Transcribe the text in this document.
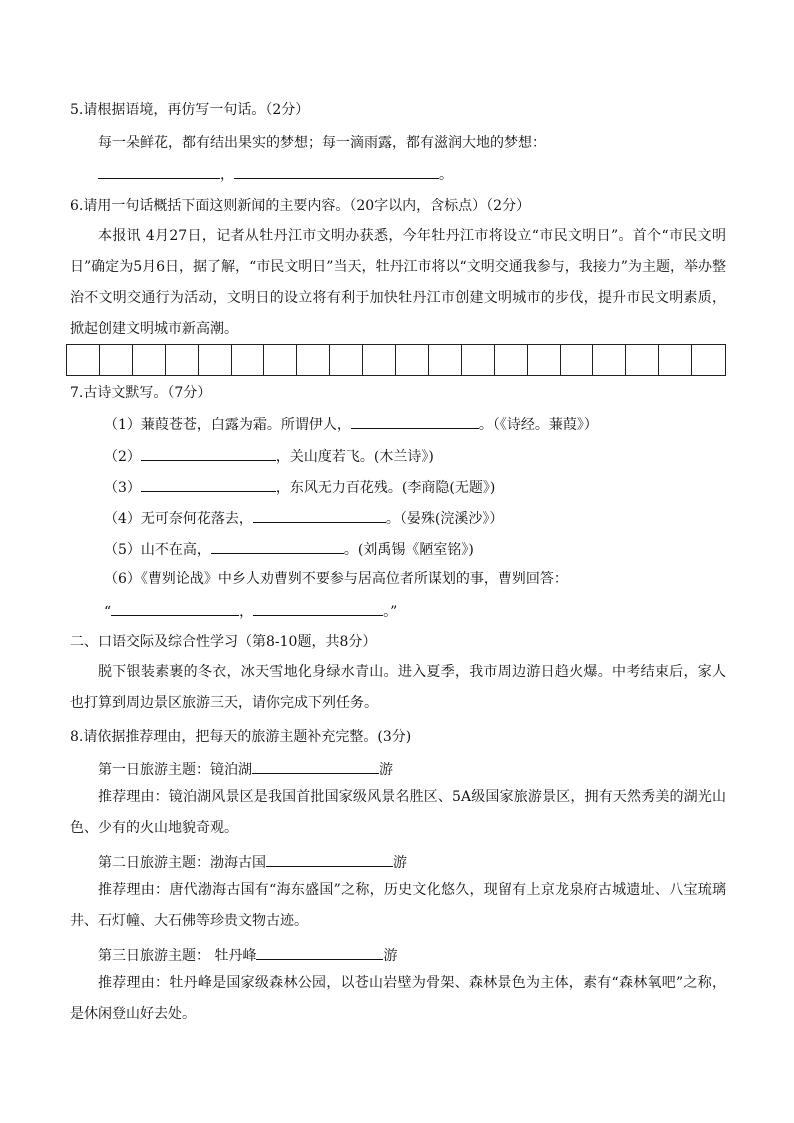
5.请根据语境，再仿写一句话。（2分）
每一朵鲜花，都有结出果实的梦想；每一滴雨露，都有滋润大地的梦想：
，	。
6.请用一句话概括下面这则新闻的主要内容。（20字以内，含标点）（2分）
本报讯 4月27日，记者从牡丹江市文明办获悉，今年牡丹江市将设立“市民文明日”。首个“市民文明日”确定为5月6日，据了解，“市民文明日”当天，牡丹江市将以“文明交通我参与，我接力”为主题，举办整治不文明交通行为活动，文明日的设立将有利于加快牡丹江市创建文明城市的步伐，提升市民文明素质，掀起创建文明城市新高潮。
7.古诗文默写。（7分）
（1）蒹葭苍苍，白露为霜。所谓伊人，	。（《诗经。蒹葭》）
（2）	，关山度若飞。(木兰诗》)
（3）	，东风无力百花残。(李商隐(无题》)
（4）无可奈何花落去，	。（晏殊(浣溪沙》）
（5）山不在高，	。(刘禹锡《陋室铭》)
（6）《曹刿论战》中乡人劝曹刿不要参与居高位者所谋划的事，曹刿回答：
“	，	。”
二、口语交际及综合性学习（第8-10题，共8分）
脱下银装素裹的冬衣，冰天雪地化身绿水青山。进入夏季，我市周边游日趋火爆。中考结束后，家人也打算到周边景区旅游三天，请你完成下列任务。
8.请依据推荐理由，把每天的旅游主题补充完整。(3分)
第一日旅游主题：镜泊湖	游
推荐理由：镜泊湖风景区是我国首批国家级风景名胜区、5A级国家旅游景区，拥有天然秀美的湖光山色、少有的火山地貌奇观。
第二日旅游主题：渤海古国	游
推荐理由：唐代渤海古国有“海东盛国”之称，历史文化悠久，现留有上京龙泉府古城遗址、八宝琉璃井、石灯幢、大石佛等珍贵文物古迹。
第三日旅游主题： 牡丹峰	游
推荐理由：牡丹峰是国家级森林公园，以苍山岩壁为骨架、森林景色为主体，素有“森林氧吧”之称，是休闲登山好去处。
